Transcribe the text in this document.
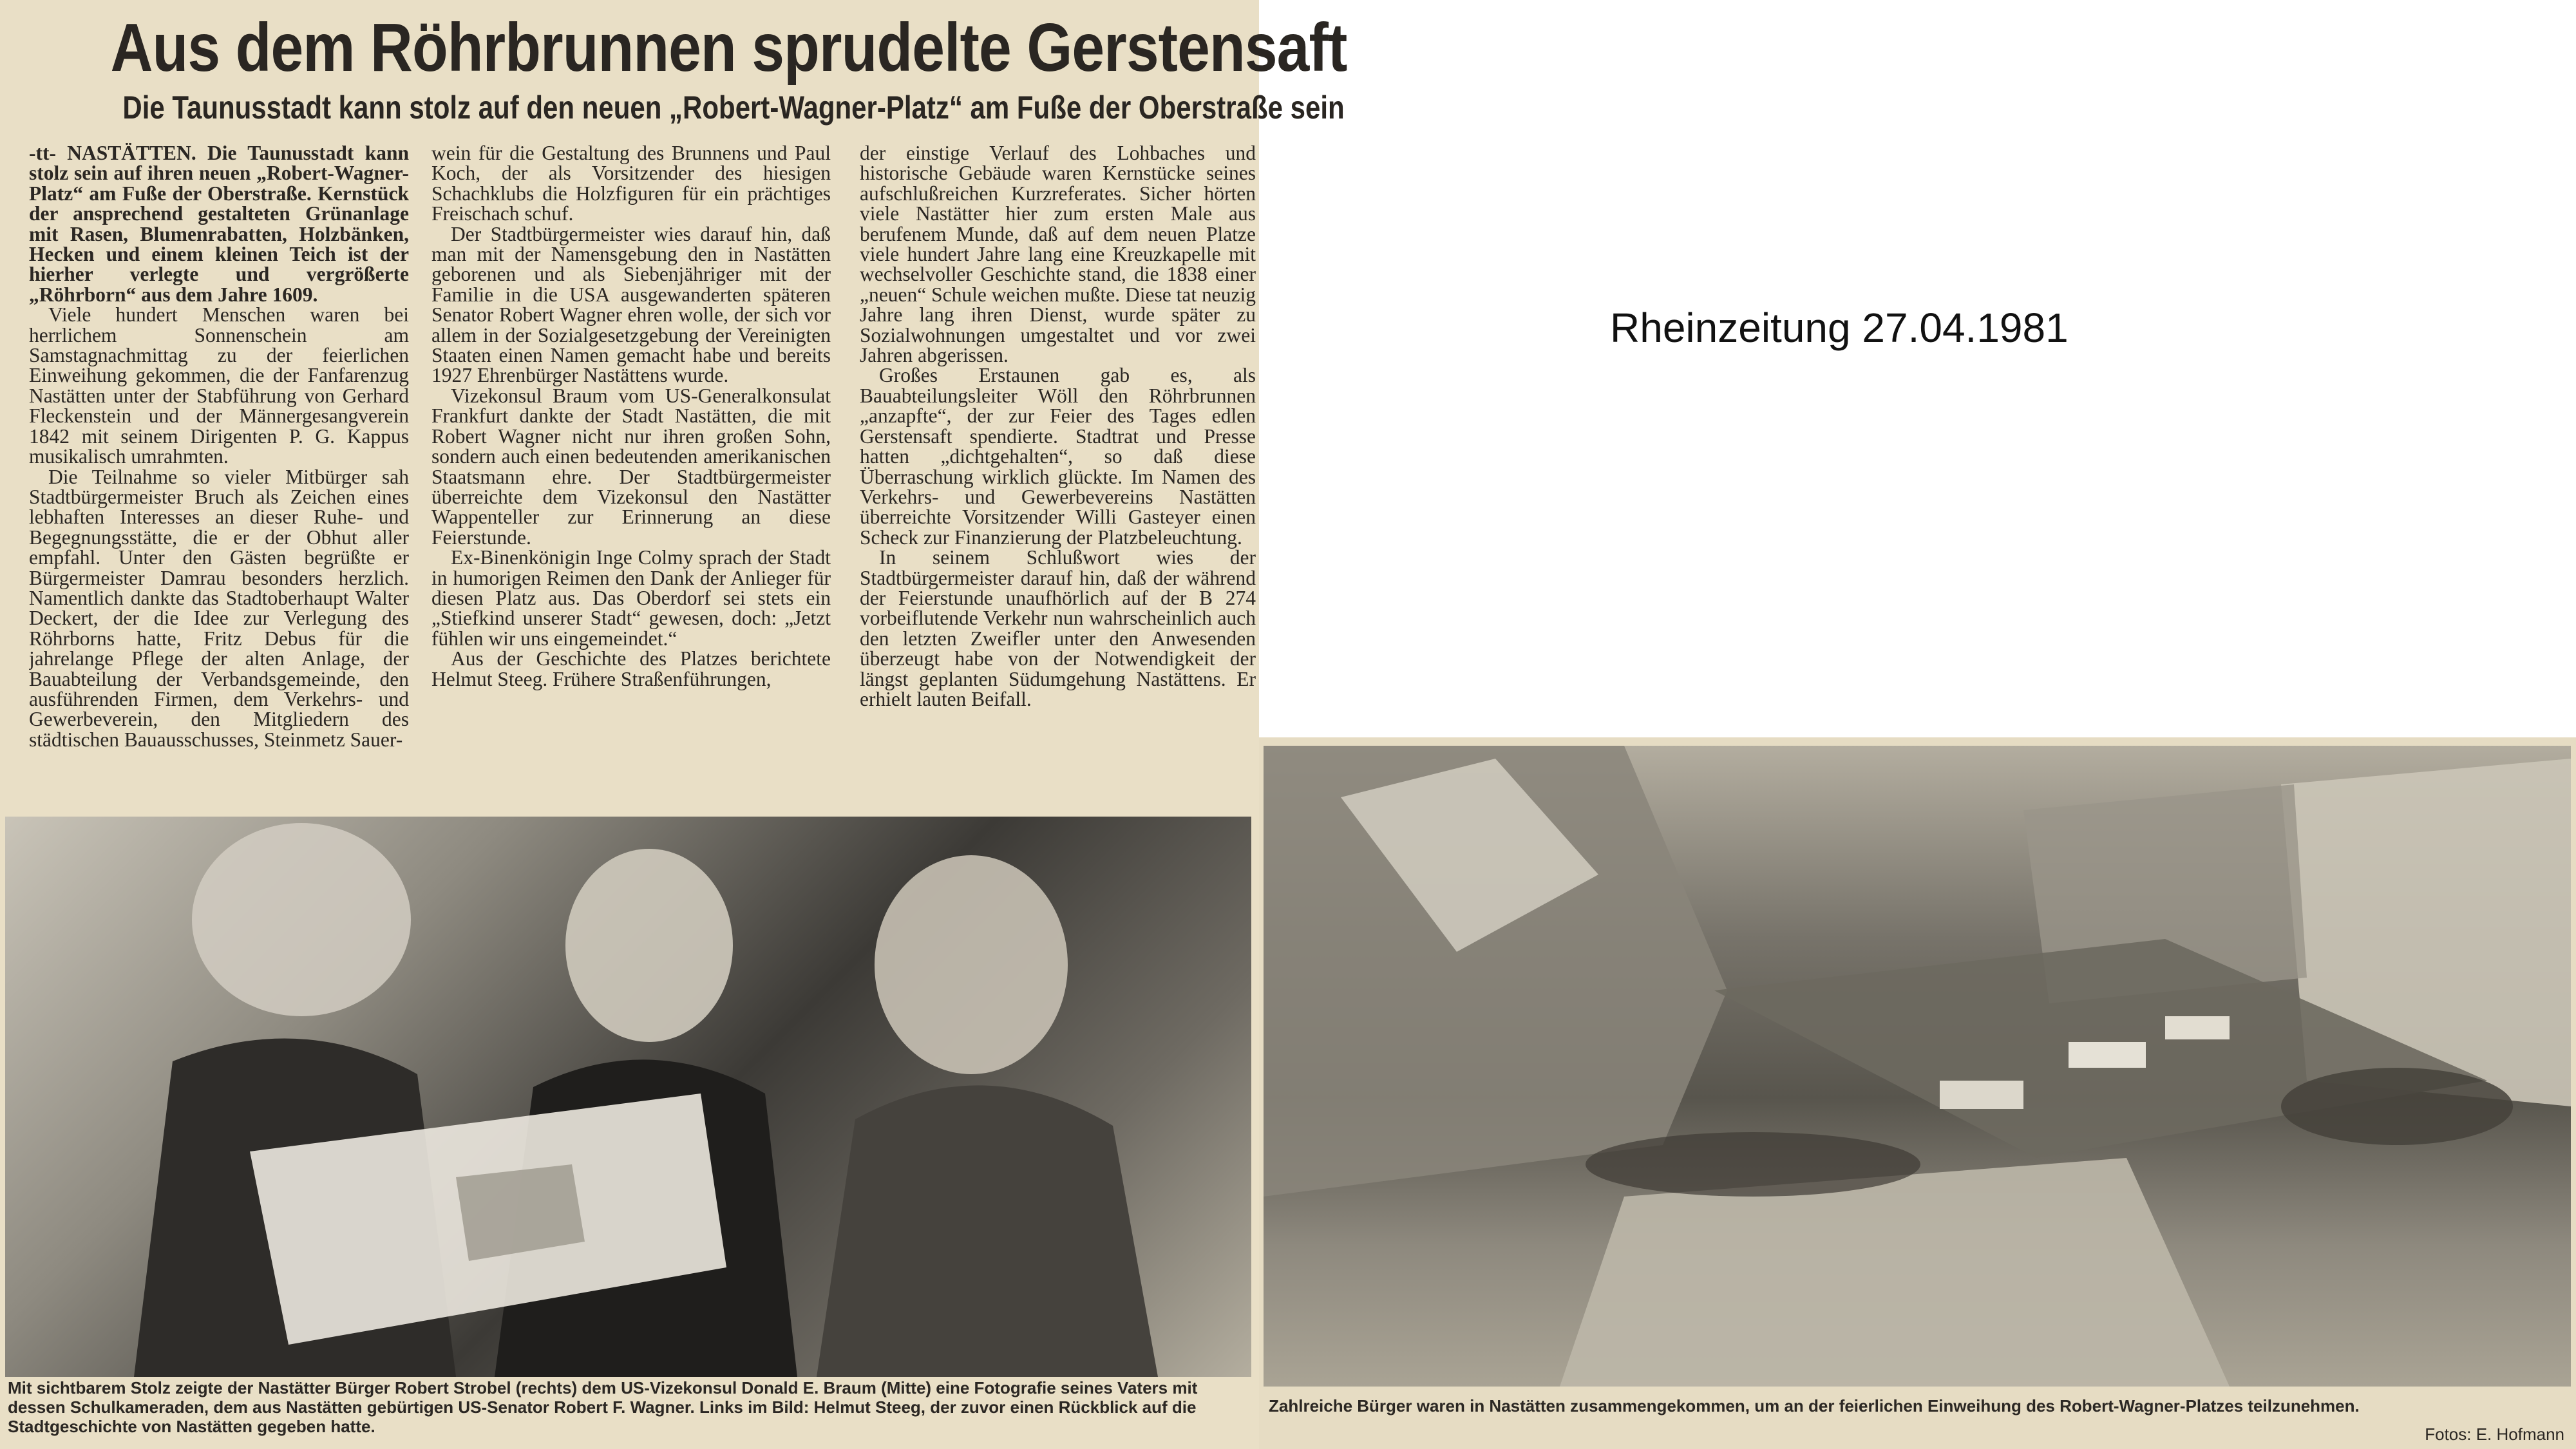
Aus dem Röhrbrunnen sprudelte Gerstensaft
Die Taunusstadt kann stolz auf den neuen „Robert-Wagner-Platz“ am Fuße der Oberstraße sein

-tt- NASTÄTTEN. Die Taunusstadt kann stolz sein auf ihren neuen „Robert-Wagner-Platz“ am Fuße der Oberstraße. Kernstück der ansprechend gestalteten Grünanlage mit Rasen, Blumenrabatten, Holzbänken, Hecken und einem kleinen Teich ist der hierher verlegte und vergrößerte „Röhrborn“ aus dem Jahre 1609.

Viele hundert Menschen waren bei herrlichem Sonnenschein am Samstagnachmittag zu der feierlichen Einweihung gekommen, die der Fanfarenzug Nastätten unter der Stabführung von Gerhard Fleckenstein und der Männergesangverein 1842 mit seinem Dirigenten P. G. Kappus musikalisch umrahmten.

Die Teilnahme so vieler Mitbürger sah Stadtbürgermeister Bruch als Zeichen eines lebhaften Interesses an dieser Ruhe- und Begegnungsstätte, die er der Obhut aller empfahl. Unter den Gästen begrüßte er Bürgermeister Damrau besonders herzlich. Namentlich dankte das Stadtoberhaupt Walter Deckert, der die Idee zur Verlegung des Röhrborns hatte, Fritz Debus für die jahrelange Pflege der alten Anlage, der Bauabteilung der Verbandsgemeinde, den ausführenden Firmen, dem Verkehrs- und Gewerbeverein, den Mitgliedern des städtischen Bauausschusses, Steinmetz Sauer-

wein für die Gestaltung des Brunnens und Paul Koch, der als Vorsitzender des hiesigen Schachklubs die Holzfiguren für ein prächtiges Freischach schuf.

Der Stadtbürgermeister wies darauf hin, daß man mit der Namensgebung den in Nastätten geborenen und als Siebenjähriger mit der Familie in die USA ausgewanderten späteren Senator Robert Wagner ehren wolle, der sich vor allem in der Sozialgesetzgebung der Vereinigten Staaten einen Namen gemacht habe und bereits 1927 Ehrenbürger Nastättens wurde.

Vizekonsul Braum vom US-Generalkonsulat Frankfurt dankte der Stadt Nastätten, die mit Robert Wagner nicht nur ihren großen Sohn, sondern auch einen bedeutenden amerikanischen Staatsmann ehre. Der Stadtbürgermeister überreichte dem Vizekonsul den Nastätter Wappenteller zur Erinnerung an diese Feierstunde.

Ex-Binenkönigin Inge Colmy sprach der Stadt in humorigen Reimen den Dank der Anlieger für diesen Platz aus. Das Oberdorf sei stets ein „Stiefkind unserer Stadt“ gewesen, doch: „Jetzt fühlen wir uns eingemeindet.“

Aus der Geschichte des Platzes berichtete Helmut Steeg. Frühere Straßenführungen,

der einstige Verlauf des Lohbaches und historische Gebäude waren Kernstücke seines aufschlußreichen Kurzreferates. Sicher hörten viele Nastätter hier zum ersten Male aus berufenem Munde, daß auf dem neuen Platze viele hundert Jahre lang eine Kreuzkapelle mit wechselvoller Geschichte stand, die 1838 einer „neuen“ Schule weichen mußte. Diese tat neuzig Jahre lang ihren Dienst, wurde später zu Sozialwohnungen umgestaltet und vor zwei Jahren abgerissen.

Großes Erstaunen gab es, als Bauabteilungsleiter Wöll den Röhrbrunnen „anzapfte“, der zur Feier des Tages edlen Gerstensaft spendierte. Stadtrat und Presse hatten „dichtgehalten“, so daß diese Überraschung wirklich glückte. Im Namen des Verkehrs- und Gewerbevereins Nastätten überreichte Vorsitzender Willi Gasteyer einen Scheck zur Finanzierung der Platzbeleuchtung.

In seinem Schlußwort wies der Stadtbürgermeister darauf hin, daß der während der Feierstunde unaufhörlich auf der B 274 vorbeiflutende Verkehr nun wahrscheinlich auch den letzten Zweifler unter den Anwesenden überzeugt habe von der Notwendigkeit der längst geplanten Südumgehung Nastättens. Er erhielt lauten Beifall.

Mit sichtbarem Stolz zeigte der Nastätter Bürger Robert Strobel (rechts) dem US-Vizekonsul Donald E. Braum (Mitte) eine Fotografie seines Vaters mit dessen Schulkameraden, dem aus Nastätten gebürtigen US-Senator Robert F. Wagner. Links im Bild: Helmut Steeg, der zuvor einen Rückblick auf die Stadtgeschichte von Nastätten gegeben hatte.
Zahlreiche Bürger waren in Nastätten zusammengekommen, um an der feierlichen Einweihung des Robert-Wagner-Platzes teilzunehmen.
Fotos: E. Hofmann
Rheinzeitung 27.04.1981
